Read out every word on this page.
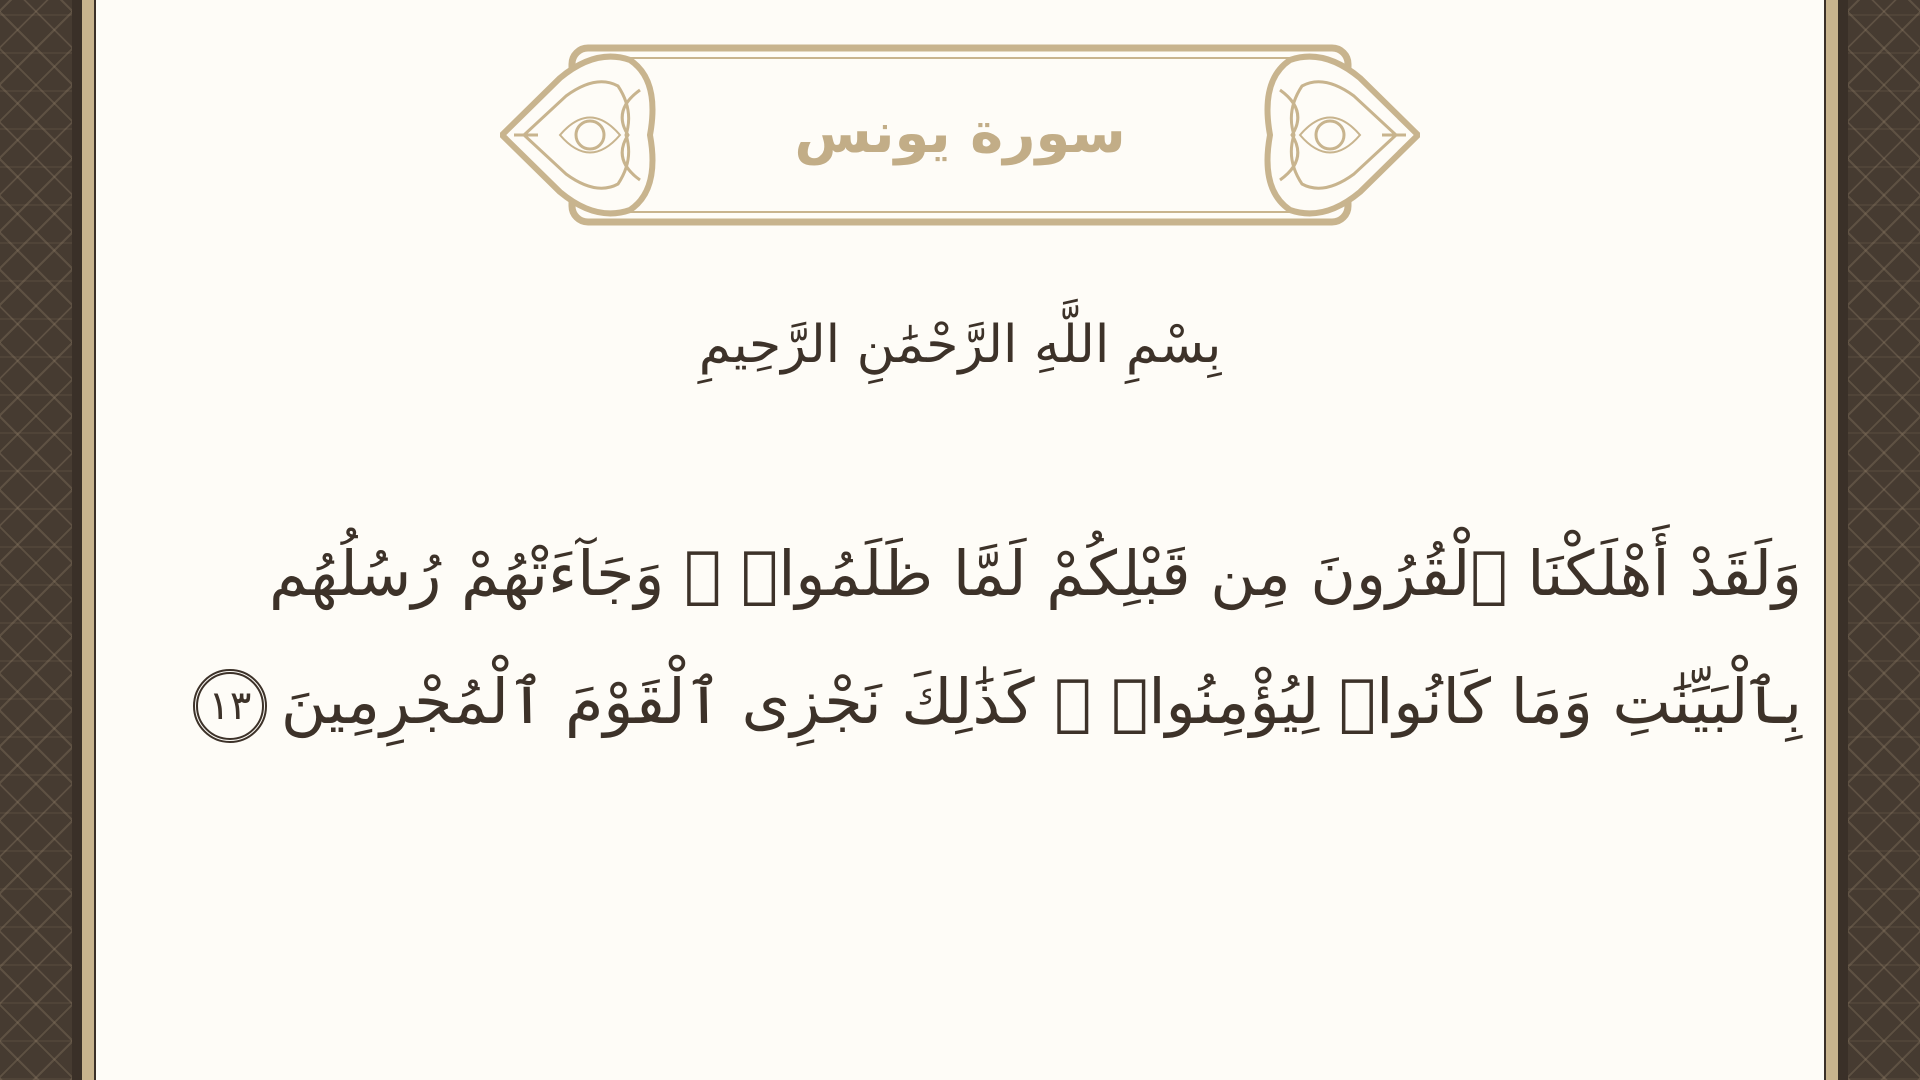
سورة يونس
بِسْمِ اللَّهِ الرَّحْمَٰنِ الرَّحِيمِ
وَلَقَدْ أَهْلَكْنَا ٱلْقُرُونَ مِن قَبْلِكُمْ لَمَّا ظَلَمُوا۟ ۙ وَجَآءَتْهُمْ رُسُلُهُم
بِٱلْبَيِّنَٰتِ وَمَا كَانُوا۟ لِيُؤْمِنُوا۟ ۚ كَذَٰلِكَ نَجْزِى ٱلْقَوْمَ ٱلْمُجْرِمِينَ١٣
